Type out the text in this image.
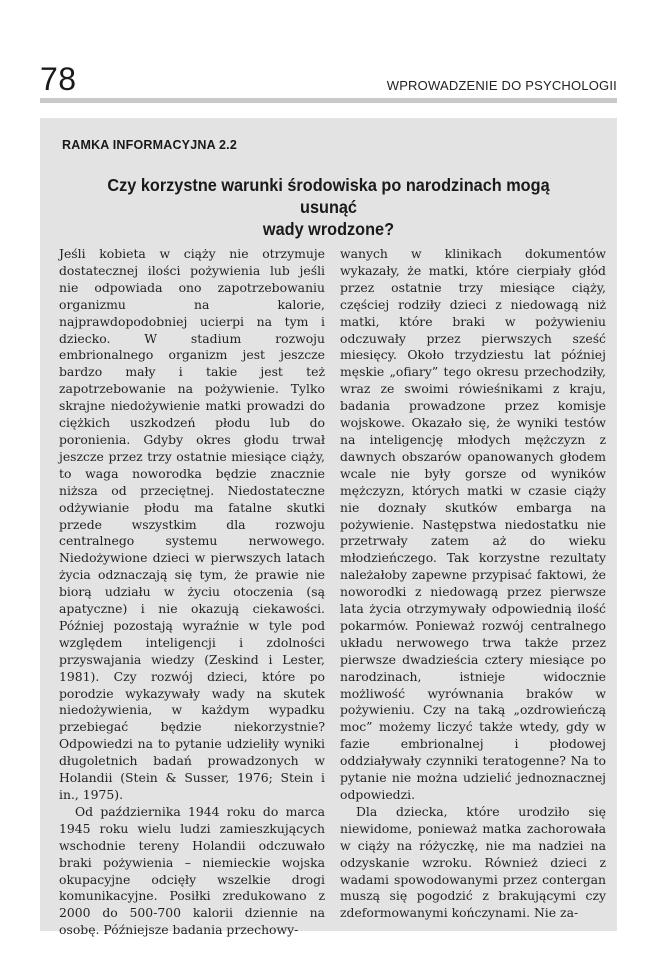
78	WPROWADZENIE DO PSYCHOLOGII
RAMKA INFORMACYJNA 2.2
Czy korzystne warunki środowiska po narodzinach mogą usunąć
wady wrodzone?

Jeśli kobieta w ciąży nie otrzymuje dostatecznej ilości pożywienia lub jeśli nie odpowiada ono zapotrzebowaniu organizmu na kalorie, najprawdopodobniej ucierpi na tym i dziecko. W stadium rozwoju embrionalnego organizm jest jeszcze bardzo mały i takie jest też zapotrzebowanie na pożywienie. Tylko skrajne niedożywienie matki prowadzi do ciężkich uszkodzeń płodu lub do poronienia. Gdyby okres głodu trwał jeszcze przez trzy ostatnie miesiące ciąży, to waga noworodka będzie znacznie niższa od przeciętnej. Niedostateczne odżywianie płodu ma fatalne skutki przede wszystkim dla rozwoju centralnego systemu nerwowego. Niedożywione dzieci w pierwszych latach życia odznaczają się tym, że prawie nie biorą udziału w życiu otoczenia (są apatyczne) i nie okazują ciekawości. Później pozostają wyraźnie w tyle pod względem inteligencji i zdolności przyswajania wiedzy (Zeskind i Lester, 1981). Czy rozwój dzieci, które po porodzie wykazywały wady na skutek niedożywienia, w każdym wypadku przebiegać będzie niekorzystnie? Odpowiedzi na to pytanie udzieliły wyniki długoletnich badań prowadzonych w Holandii (Stein & Susser, 1976; Stein i in., 1975).

Od października 1944 roku do marca 1945 roku wielu ludzi zamieszkujących wschodnie tereny Holandii odczuwało braki pożywienia – niemieckie wojska okupacyjne odcięły wszelkie drogi komunikacyjne. Posiłki zredukowano z 2000 do 500-700 kalorii dziennie na osobę. Późniejsze badania przechowy-

wanych w klinikach dokumentów wykazały, że matki, które cierpiały głód przez ostatnie trzy miesiące ciąży, częściej rodziły dzieci z niedowagą niż matki, które braki w pożywieniu odczuwały przez pierwszych sześć miesięcy. Około trzydziestu lat później męskie „ofiary” tego okresu przechodziły, wraz ze swoimi rówieśnikami z kraju, badania prowadzone przez komisje wojskowe. Okazało się, że wyniki testów na inteligencję młodych mężczyzn z dawnych obszarów opanowanych głodem wcale nie były gorsze od wyników mężczyzn, których matki w czasie ciąży nie doznały skutków embarga na pożywienie. Następstwa niedostatku nie przetrwały zatem aż do wieku młodzieńczego. Tak korzystne rezultaty należałoby zapewne przypisać faktowi, że noworodki z niedowagą przez pierwsze lata życia otrzymywały odpowiednią ilość pokarmów. Ponieważ rozwój centralnego układu nerwowego trwa także przez pierwsze dwadzieścia cztery miesiące po narodzinach, istnieje widocznie możliwość wyrównania braków w pożywieniu. Czy na taką „ozdrowieńczą moc” możemy liczyć także wtedy, gdy w fazie embrionalnej i płodowej oddziaływały czynniki teratogenne? Na to pytanie nie można udzielić jednoznacznej odpowiedzi.

Dla dziecka, które urodziło się niewidome, ponieważ matka zachorowała w ciąży na różyczkę, nie ma nadziei na odzyskanie wzroku. Również dzieci z wadami spowodowanymi przez contergan muszą się pogodzić z brakującymi czy zdeformowanymi kończynami. Nie za-
